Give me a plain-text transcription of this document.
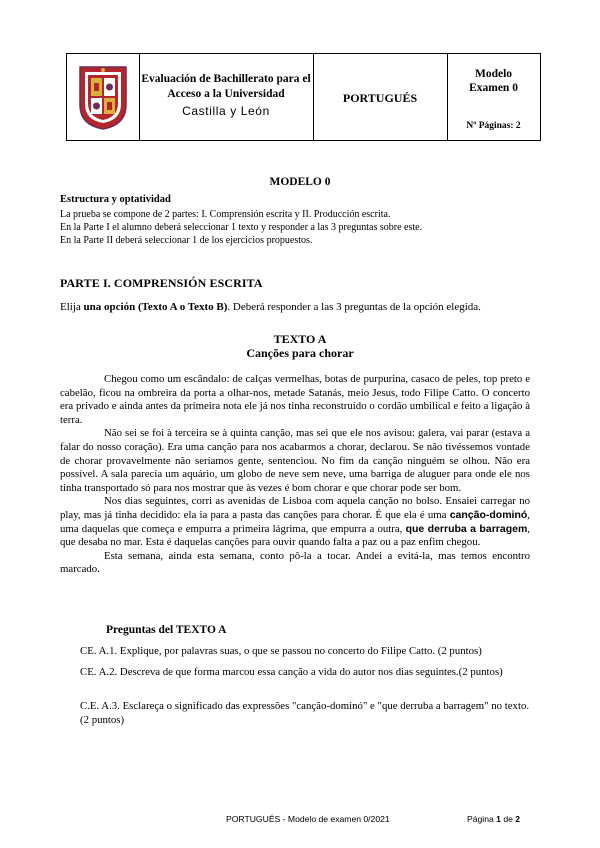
Evaluación de Bachillerato para el Acceso a la Universidad
Castilla y León
PORTUGUÉS
Modelo
Examen 0
Nº Páginas: 2
MODELO 0
Estructura y optatividad
La prueba se compone de 2 partes: I. Comprensión escrita y II. Producción escrita.
En la Parte I el alumno deberá seleccionar 1 texto y responder a las 3 preguntas sobre este.
En la Parte II deberá seleccionar 1 de los ejercicios propuestos.
PARTE I. COMPRENSIÓN ESCRITA
Elija una opción (Texto A o Texto B). Deberá responder a las 3 preguntas de la opción elegida.
TEXTO A
Canções para chorar

Chegou como um escândalo: de calças vermelhas, botas de purpurina, casaco de peles, top preto e cabelão, ficou na ombreira da porta a olhar-nos, metade Satanás, meio Jesus, todo Filipe Catto. O concerto era privado e ainda antes da primeira nota ele já nos tinha reconstruído o cordão umbilical e feito a ligação à terra.

Não sei se foi à terceira se à quinta canção, mas sei que ele nos avisou: galera, vai parar (estava a falar do nosso coração). Era uma canção para nos acabarmos a chorar, declarou. Se não tivéssemos vontade de chorar provavelmente não seríamos gente, sentenciou. No fim da canção ninguém se olhou. Não era possível. A sala parecia um aquário, um globo de neve sem neve, uma barriga de aluguer para onde ele nos tinha transportado só para nos mostrar que às vezes é bom chorar e que chorar pode ser bom.

Nos dias seguintes, corri as avenidas de Lisboa com aquela canção no bolso. Ensaiei carregar no play, mas já tinha decidido: ela ia para a pasta das canções para chorar. É que ela é uma canção-dominó, uma daquelas que começa e empurra a primeira lágrima, que empurra a outra, que derruba a barragem, que desaba no mar. Esta é daquelas canções para ouvir quando falta a paz ou a paz enfim chegou.

Esta semana, ainda esta semana, conto pô-la a tocar. Andei a evitá-la, mas temos encontro marcado.

Preguntas del TEXTO A
CE. A.1. Explique, por palavras suas, o que se passou no concerto do Filipe Catto. (2 puntos)
CE. A.2. Descreva de que forma marcou essa canção a vida do autor nos dias seguintes.(2 puntos)
C.E. A.3. Esclareça o significado das expressões "canção-dominó" e "que derruba a barragem" no texto. (2 puntos)
PORTUGUÉS - Modelo de examen 0/2021	Página 1 de 2
